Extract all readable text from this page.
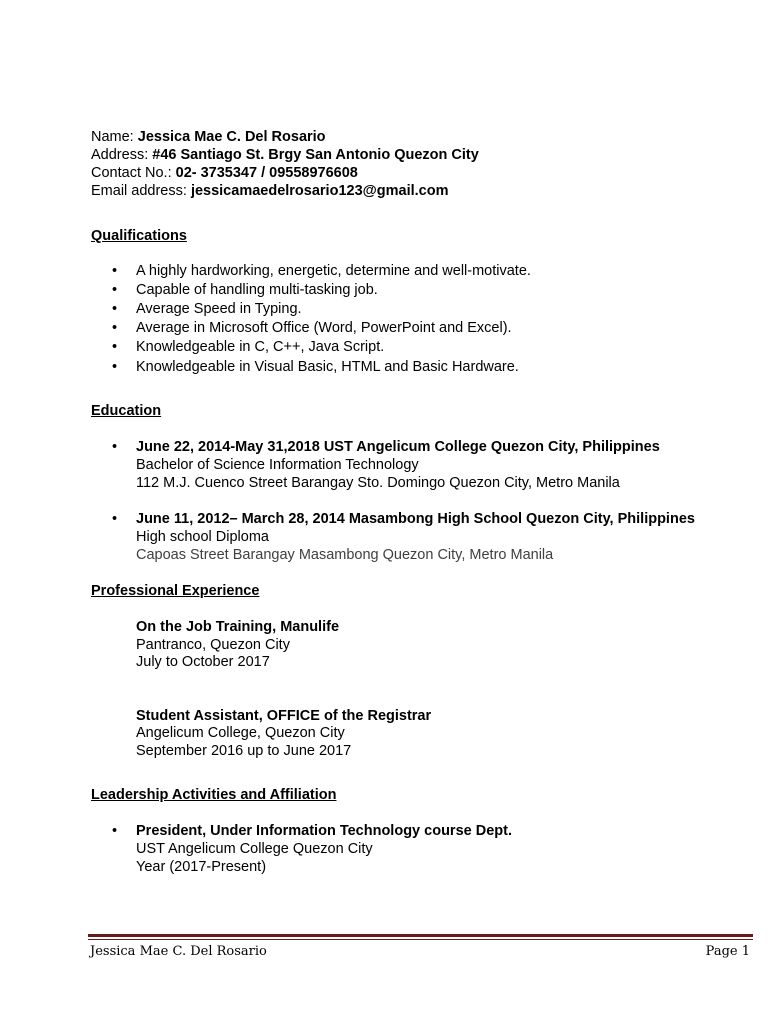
Name: Jessica Mae C. Del Rosario
Address: #46 Santiago St. Brgy San Antonio Quezon City
Contact No.: 02- 3735347 / 09558976608
Email address: jessicamaedelrosario123@gmail.com
Qualifications
• A highly hardworking, energetic, determine and well-motivate.
• Capable of handling multi-tasking job.
• Average Speed in Typing.
• Average in Microsoft Office (Word, PowerPoint and Excel).
• Knowledgeable in C, C++, Java Script.
• Knowledgeable in Visual Basic, HTML and Basic Hardware.
Education
• June 22, 2014-May 31,2018 UST Angelicum College Quezon City, Philippines
Bachelor of Science Information Technology
112 M.J. Cuenco Street Barangay Sto. Domingo Quezon City, Metro Manila
• June 11, 2012– March 28, 2014 Masambong High School Quezon City, Philippines
High school Diploma
Capoas Street Barangay Masambong Quezon City, Metro Manila
Professional Experience
On the Job Training, Manulife
Pantranco, Quezon City
July to October 2017
Student Assistant, OFFICE of the Registrar
Angelicum College, Quezon City
September 2016 up to June 2017
Leadership Activities and Affiliation
• President, Under Information Technology course Dept.
UST Angelicum College Quezon City
Year (2017-Present)
Jessica Mae C. Del Rosario	Page 1
